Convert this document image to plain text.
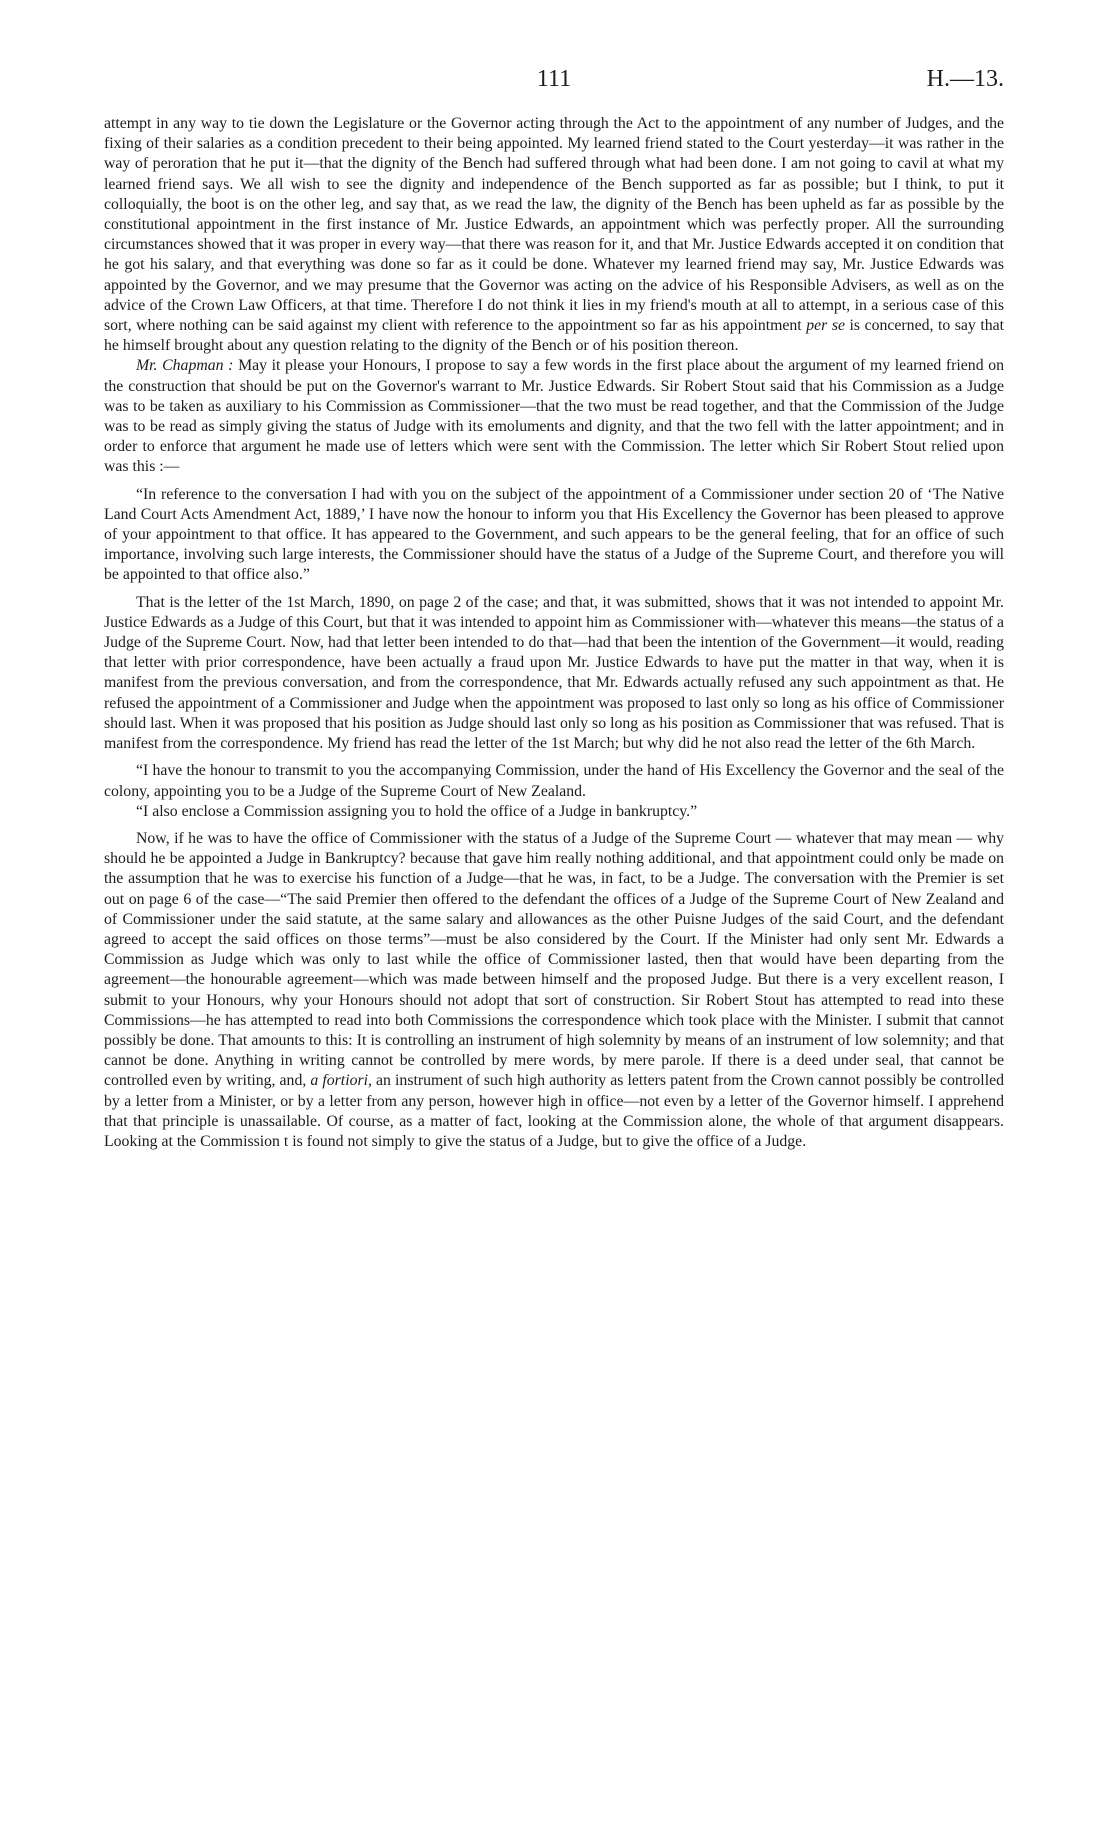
111	H.—13.

attempt in any way to tie down the Legislature or the Governor acting through the Act to the appointment of any number of Judges, and the fixing of their salaries as a condition precedent to their being appointed. My learned friend stated to the Court yesterday—it was rather in the way of peroration that he put it—that the dignity of the Bench had suffered through what had been done. I am not going to cavil at what my learned friend says. We all wish to see the dignity and independence of the Bench supported as far as possible; but I think, to put it colloquially, the boot is on the other leg, and say that, as we read the law, the dignity of the Bench has been upheld as far as possible by the constitutional appointment in the first instance of Mr. Justice Edwards, an appointment which was perfectly proper. All the surrounding circumstances showed that it was proper in every way—that there was reason for it, and that Mr. Justice Edwards accepted it on condition that he got his salary, and that everything was done so far as it could be done. Whatever my learned friend may say, Mr. Justice Edwards was appointed by the Governor, and we may presume that the Governor was acting on the advice of his Responsible Advisers, as well as on the advice of the Crown Law Officers, at that time. Therefore I do not think it lies in my friend's mouth at all to attempt, in a serious case of this sort, where nothing can be said against my client with reference to the appointment so far as his appointment per se is concerned, to say that he himself brought about any question relating to the dignity of the Bench or of his position thereon.

Mr. Chapman : May it please your Honours, I propose to say a few words in the first place about the argument of my learned friend on the construction that should be put on the Governor's warrant to Mr. Justice Edwards. Sir Robert Stout said that his Commission as a Judge was to be taken as auxiliary to his Commission as Commissioner—that the two must be read together, and that the Commission of the Judge was to be read as simply giving the status of Judge with its emoluments and dignity, and that the two fell with the latter appointment; and in order to enforce that argument he made use of letters which were sent with the Commission. The letter which Sir Robert Stout relied upon was this :—

“In reference to the conversation I had with you on the subject of the appointment of a Commissioner under section 20 of ‘The Native Land Court Acts Amendment Act, 1889,’ I have now the honour to inform you that His Excellency the Governor has been pleased to approve of your appointment to that office. It has appeared to the Government, and such appears to be the general feeling, that for an office of such importance, involving such large interests, the Commissioner should have the status of a Judge of the Supreme Court, and therefore you will be appointed to that office also.”

That is the letter of the 1st March, 1890, on page 2 of the case; and that, it was submitted, shows that it was not intended to appoint Mr. Justice Edwards as a Judge of this Court, but that it was intended to appoint him as Commissioner with—whatever this means—the status of a Judge of the Supreme Court. Now, had that letter been intended to do that—had that been the intention of the Government—it would, reading that letter with prior correspondence, have been actually a fraud upon Mr. Justice Edwards to have put the matter in that way, when it is manifest from the previous conversation, and from the correspondence, that Mr. Edwards actually refused any such appointment as that. He refused the appointment of a Commissioner and Judge when the appointment was proposed to last only so long as his office of Commissioner should last. When it was proposed that his position as Judge should last only so long as his position as Commissioner that was refused. That is manifest from the correspondence. My friend has read the letter of the 1st March; but why did he not also read the letter of the 6th March.

“I have the honour to transmit to you the accompanying Commission, under the hand of His Excellency the Governor and the seal of the colony, appointing you to be a Judge of the Supreme Court of New Zealand.

“I also enclose a Commission assigning you to hold the office of a Judge in bankruptcy.”

Now, if he was to have the office of Commissioner with the status of a Judge of the Supreme Court — whatever that may mean — why should he be appointed a Judge in Bankruptcy? because that gave him really nothing additional, and that appointment could only be made on the assumption that he was to exercise his function of a Judge—that he was, in fact, to be a Judge. The conversation with the Premier is set out on page 6 of the case—“The said Premier then offered to the defendant the offices of a Judge of the Supreme Court of New Zealand and of Commissioner under the said statute, at the same salary and allowances as the other Puisne Judges of the said Court, and the defendant agreed to accept the said offices on those terms”—must be also considered by the Court. If the Minister had only sent Mr. Edwards a Commission as Judge which was only to last while the office of Commissioner lasted, then that would have been departing from the agreement—the honourable agreement—which was made between himself and the proposed Judge. But there is a very excellent reason, I submit to your Honours, why your Honours should not adopt that sort of construction. Sir Robert Stout has attempted to read into these Commissions—he has attempted to read into both Commissions the correspondence which took place with the Minister. I submit that cannot possibly be done. That amounts to this: It is controlling an instrument of high solemnity by means of an instrument of low solemnity; and that cannot be done. Anything in writing cannot be controlled by mere words, by mere parole. If there is a deed under seal, that cannot be controlled even by writing, and, a fortiori, an instrument of such high authority as letters patent from the Crown cannot possibly be controlled by a letter from a Minister, or by a letter from any person, however high in office—not even by a letter of the Governor himself. I apprehend that that principle is unassailable. Of course, as a matter of fact, looking at the Commission alone, the whole of that argument disappears. Looking at the Commission t is found not simply to give the status of a Judge, but to give the office of a Judge.
